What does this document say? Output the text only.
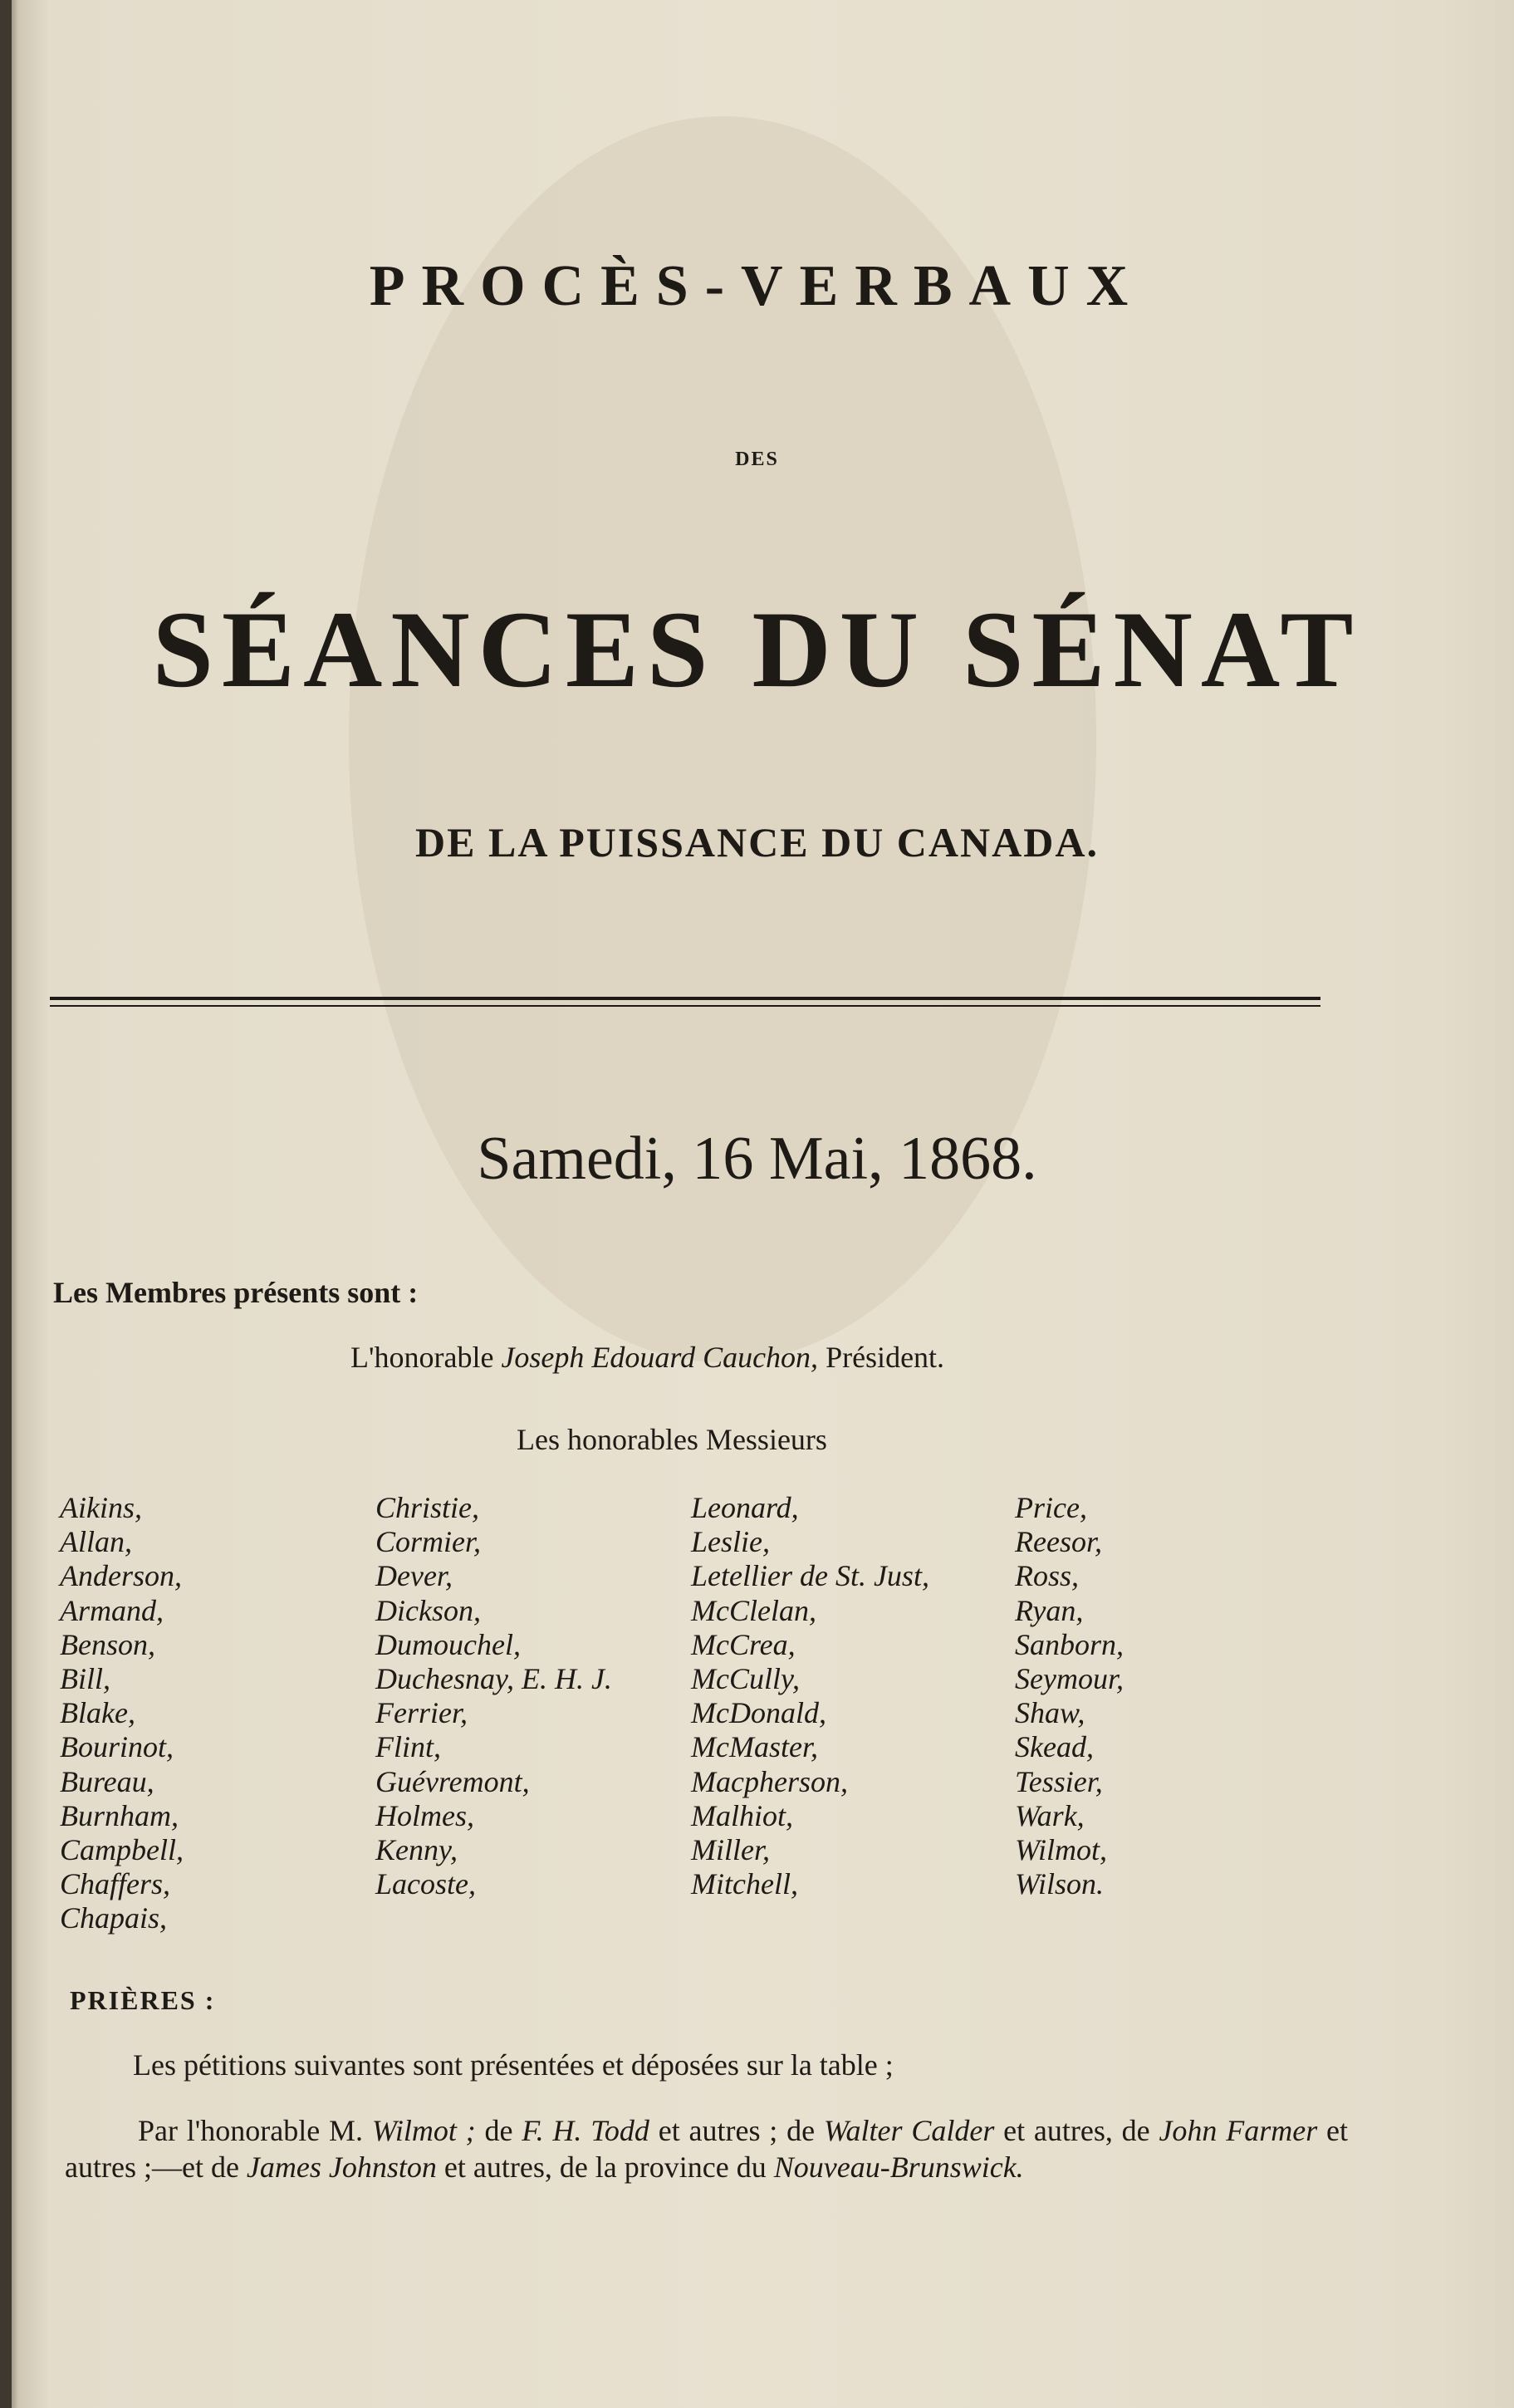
PROCÈS-VERBAUX
DES
SÉANCES DU SÉNAT
DE LA PUISSANCE DU CANADA.
Samedi, 16 Mai, 1868.
Les Membres présents sont :
L'honorable Joseph Edouard Cauchon, Président.
Les honorables Messieurs
Aikins,
Allan,
Anderson,
Armand,
Benson,
Bill,
Blake,
Bourinot,
Bureau,
Burnham,
Campbell,
Chaffers,
Chapais,
Christie,
Cormier,
Dever,
Dickson,
Dumouchel,
Duchesnay, E. H. J.
Ferrier,
Flint,
Guévremont,
Holmes,
Kenny,
Lacoste,
Leonard,
Leslie,
Letellier de St. Just,
McClelan,
McCrea,
McCully,
McDonald,
McMaster,
Macpherson,
Malhiot,
Miller,
Mitchell,
Price,
Reesor,
Ross,
Ryan,
Sanborn,
Seymour,
Shaw,
Skead,
Tessier,
Wark,
Wilmot,
Wilson.
PRIÈRES :
Les pétitions suivantes sont présentées et déposées sur la table ;
Par l'honorable M. Wilmot ; de F. H. Todd et autres ; de Walter Calder et autres, de John Farmer et autres ;—et de James Johnston et autres, de la province du Nouveau-Brunswick.
